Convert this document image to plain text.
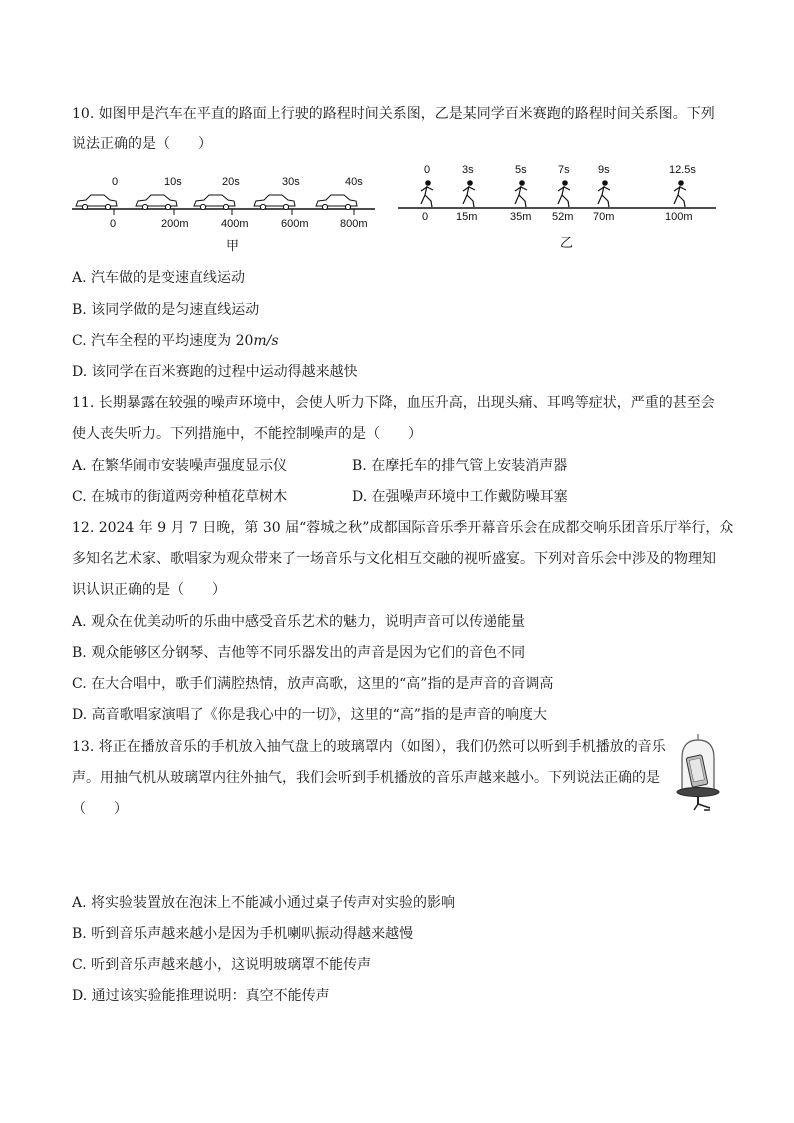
10. 如图甲是汽车在平直的路面上行驶的路程时间关系图，乙是某同学百米赛跑的路程时间关系图。下列
说法正确的是（　　）
0	10s	20s	30s	40s
0	200m	400m	600m	800m
甲
0	3s	5s	7s	9s	12.5s
0	15m	35m 52m 70m	100m
乙
A. 汽车做的是变速直线运动
B. 该同学做的是匀速直线运动
C. 汽车全程的平均速度为 20m/s
D. 该同学在百米赛跑的过程中运动得越来越快
11. 长期暴露在较强的噪声环境中，会使人听力下降，血压升高，出现头痛、耳鸣等症状，严重的甚至会
使人丧失听力。下列措施中，不能控制噪声的是（　　）
A. 在繁华闹市安装噪声强度显示仪	B. 在摩托车的排气管上安装消声器
C. 在城市的街道两旁种植花草树木	D. 在强噪声环境中工作戴防噪耳塞
12. 2024 年 9 月 7 日晚，第 30 届“蓉城之秋”成都国际音乐季开幕音乐会在成都交响乐团音乐厅举行，众
多知名艺术家、歌唱家为观众带来了一场音乐与文化相互交融的视听盛宴。下列对音乐会中涉及的物理知
识认识正确的是（　　）
A. 观众在优美动听的乐曲中感受音乐艺术的魅力，说明声音可以传递能量
B. 观众能够区分钢琴、吉他等不同乐器发出的声音是因为它们的音色不同
C. 在大合唱中，歌手们满腔热情，放声高歌，这里的“高”指的是声音的音调高
D. 高音歌唱家演唱了《你是我心中的一切》，这里的“高”指的是声音的响度大
13. 将正在播放音乐的手机放入抽气盘上的玻璃罩内（如图），我们仍然可以听到手机播放的音乐
声。用抽气机从玻璃罩内往外抽气，我们会听到手机播放的音乐声越来越小。下列说法正确的是
（　　）
A. 将实验装置放在泡沫上不能减小通过桌子传声对实验的影响
B. 听到音乐声越来越小是因为手机喇叭振动得越来越慢
C. 听到音乐声越来越小，这说明玻璃罩不能传声
D. 通过该实验能推理说明：真空不能传声
